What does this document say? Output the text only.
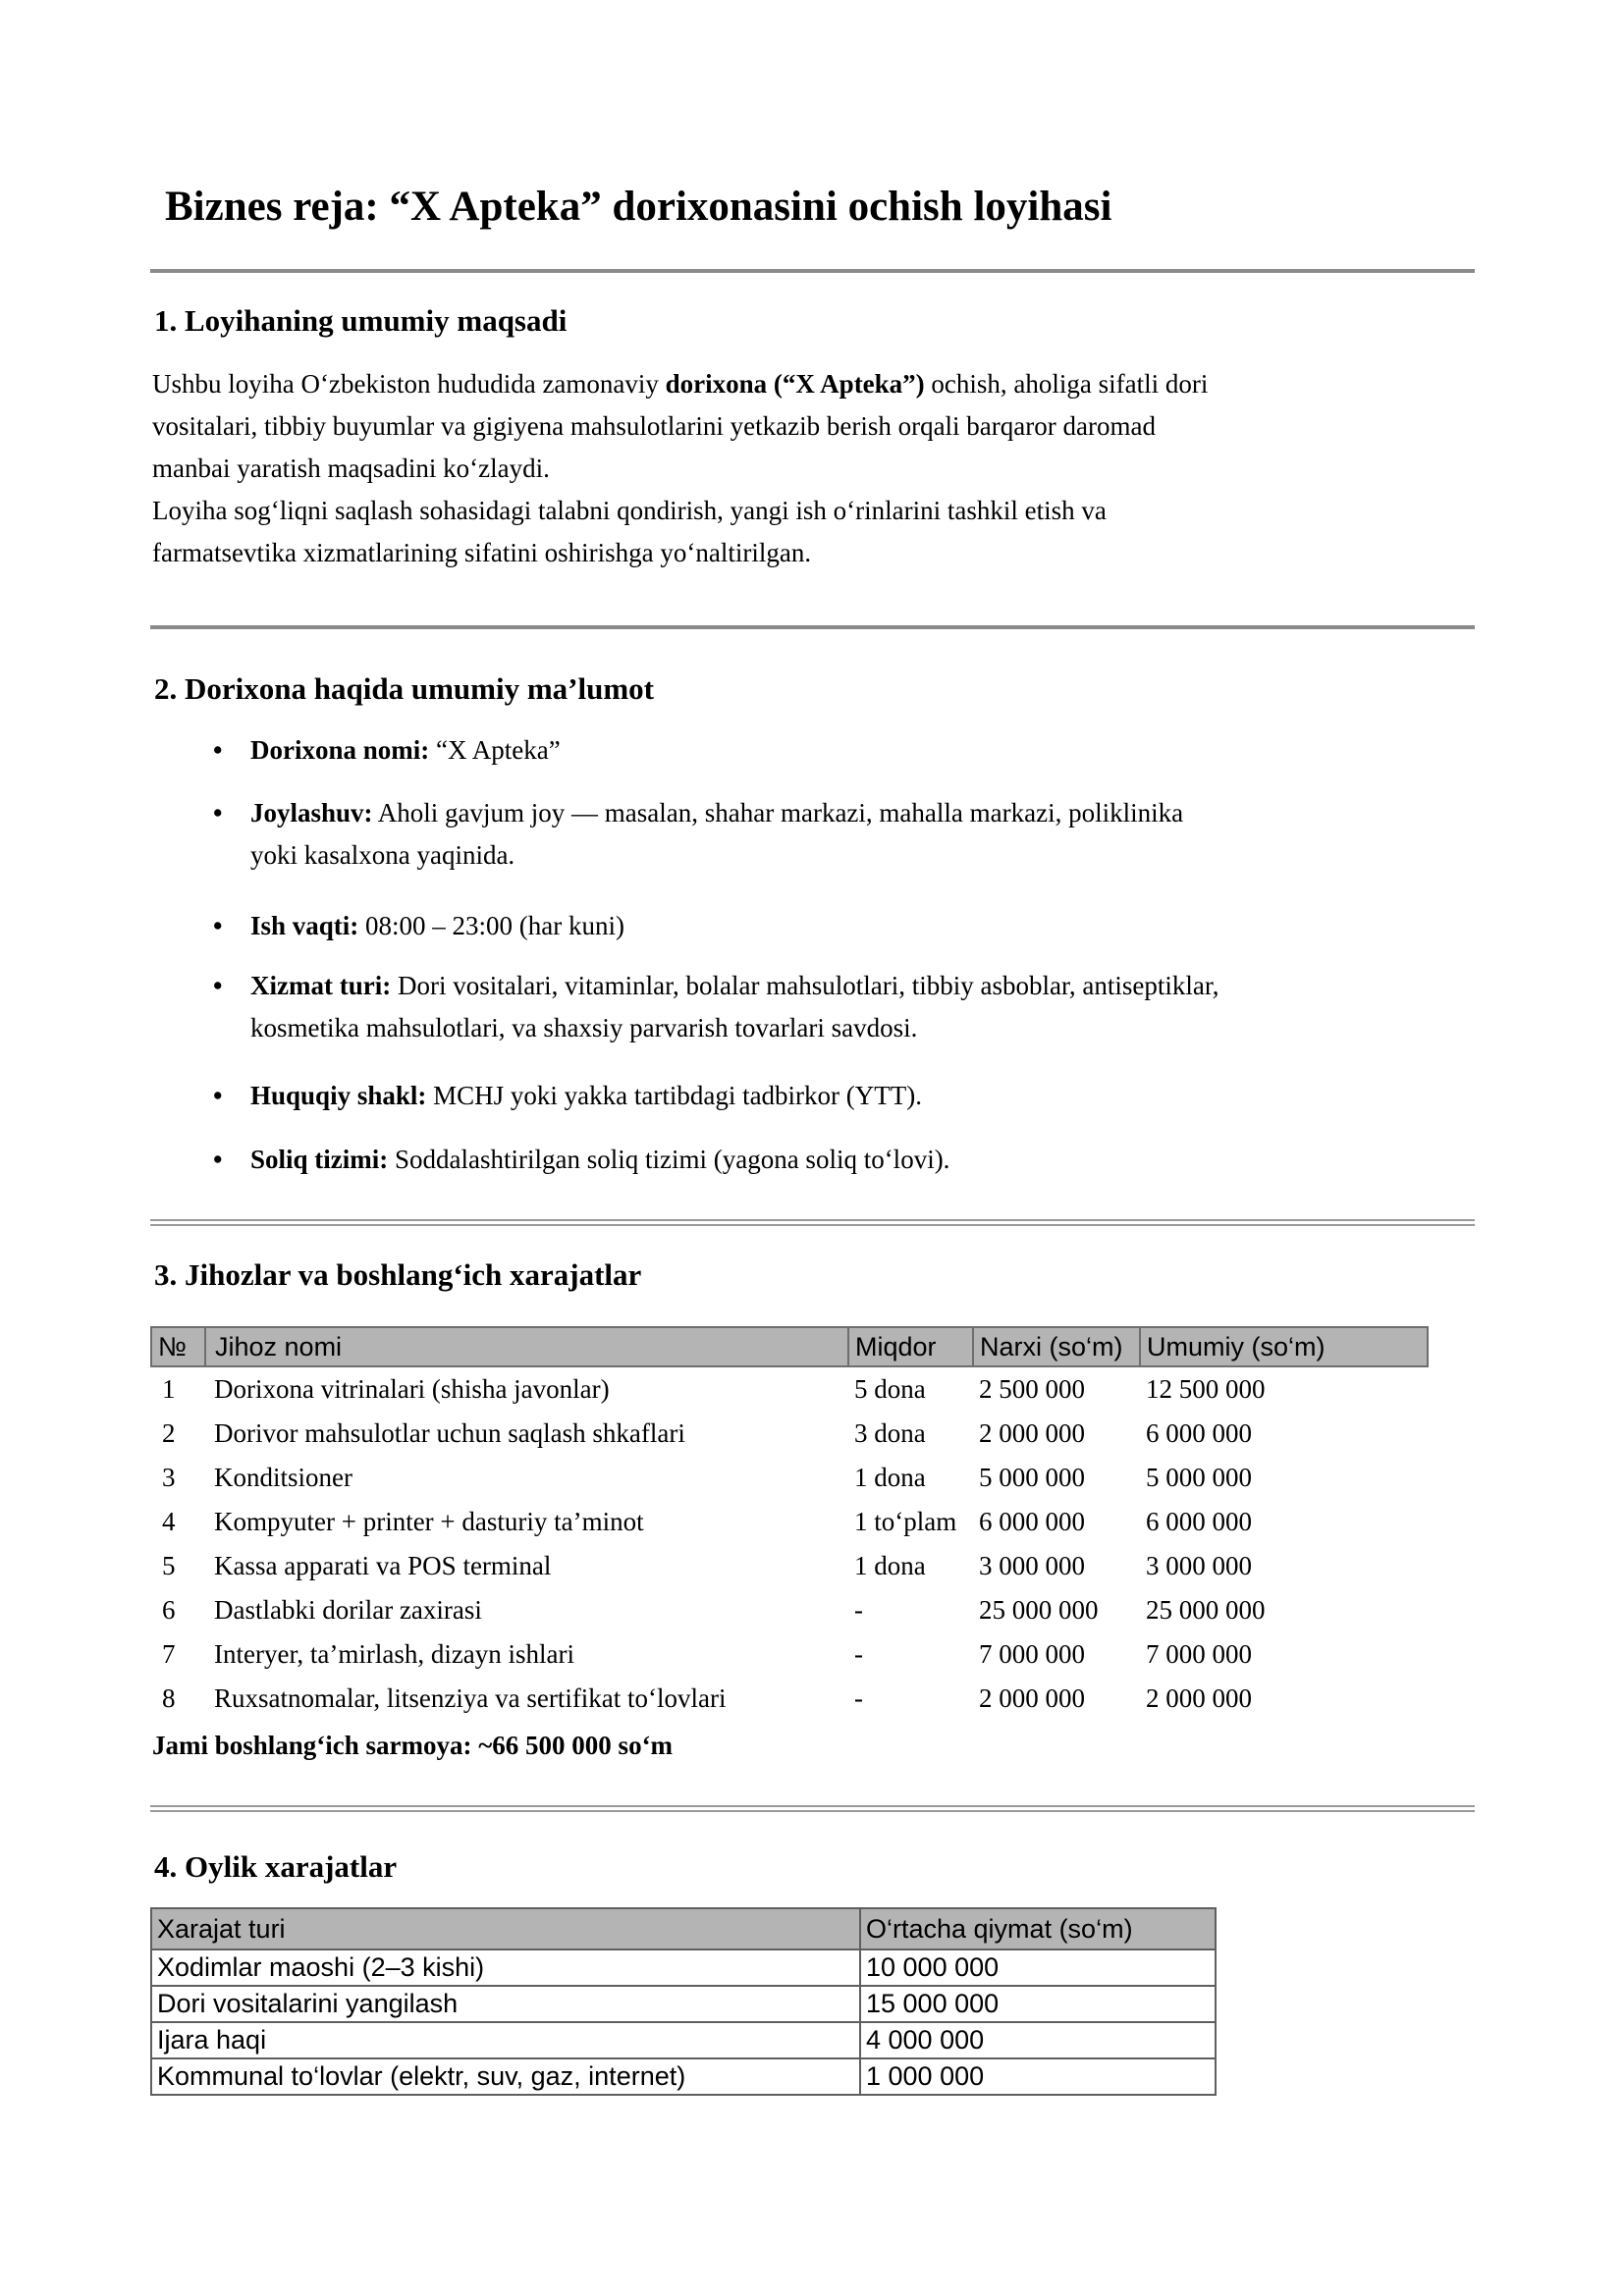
Biznes reja: “X Apteka” dorixonasini ochish loyihasi
1. Loyihaning umumiy maqsadi
Ushbu loyiha O‘zbekiston hududida zamonaviy dorixona (“X Apteka”) ochish, aholiga sifatli dori
vositalari, tibbiy buyumlar va gigiyena mahsulotlarini yetkazib berish orqali barqaror daromad
manbai yaratish maqsadini ko‘zlaydi.
Loyiha sog‘liqni saqlash sohasidagi talabni qondirish, yangi ish o‘rinlarini tashkil etish va
farmatsevtika xizmatlarining sifatini oshirishga yo‘naltirilgan.
2. Dorixona haqida umumiy ma’lumot
• Dorixona nomi: “X Apteka”
• Joylashuv: Aholi gavjum joy — masalan, shahar markazi, mahalla markazi, poliklinika
yoki kasalxona yaqinida.
• Ish vaqti: 08:00 – 23:00 (har kuni)
• Xizmat turi: Dori vositalari, vitaminlar, bolalar mahsulotlari, tibbiy asboblar, antiseptiklar,
kosmetika mahsulotlari, va shaxsiy parvarish tovarlari savdosi.
• Huquqiy shakl: MCHJ yoki yakka tartibdagi tadbirkor (YTT).
• Soliq tizimi: Soddalashtirilgan soliq tizimi (yagona soliq to‘lovi).
3. Jihozlar va boshlang‘ich xarajatlar
№	Jihoz nomi	Miqdor	Narxi (so‘m)	Umumiy (so‘m)
1	Dorixona vitrinalari (shisha javonlar)	5 dona	2 500 000	12 500 000
2	Dorivor mahsulotlar uchun saqlash shkaflari	3 dona	2 000 000	6 000 000
3	Konditsioner	1 dona	5 000 000	5 000 000
4	Kompyuter + printer + dasturiy ta’minot	1 to‘plam	6 000 000	6 000 000
5	Kassa apparati va POS terminal	1 dona	3 000 000	3 000 000
6	Dastlabki dorilar zaxirasi	-	25 000 000	25 000 000
7	Interyer, ta’mirlash, dizayn ishlari	-	7 000 000	7 000 000
8	Ruxsatnomalar, litsenziya va sertifikat to‘lovlari	-	2 000 000	2 000 000
Jami boshlang‘ich sarmoya: ~66 500 000 so‘m
4. Oylik xarajatlar
Xarajat turi	O‘rtacha qiymat (so‘m)
Xodimlar maoshi (2–3 kishi)	10 000 000
Dori vositalarini yangilash	15 000 000
Ijara haqi	4 000 000
Kommunal to‘lovlar (elektr, suv, gaz, internet)	1 000 000
